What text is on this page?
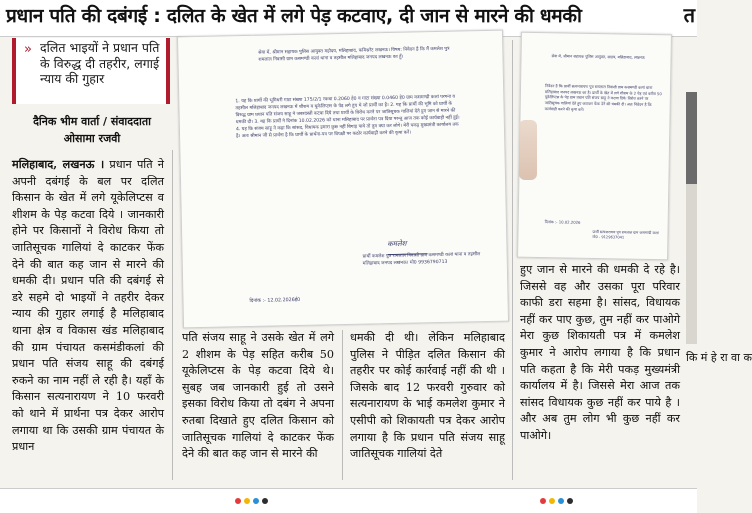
प्रधान पति की दबंगई : दलित के खेत में लगे पेड़ कटवाए, दी जान से मारने की धमकी	त
» दलित भाइयों ने प्रधान पति के विरुद्ध दी तहरीर, लगाई न्याय की गुहार
दैनिक भीम वार्ता / संवाददाता
ओसामा रजवी
मलिहाबाद, लखनऊ । प्रधान पति ने अपनी दबंगई के बल पर दलित किसान के खेत में लगे यूकेलिप्टस व शीशम के पेड़ कटवा दिये । जानकारी होने पर किसानों ने विरोध किया तो जातिसूचक गालियां दे काटकर फेंक देने की बात कह जान से मारने की धमकी दी। प्रधान पति की दबंगई से डरे सहमे दो भाइयों ने तहरीर देकर न्याय की गुहार लगाई है मलिहाबाद थाना क्षेत्र व विकास खंड मलिहाबाद की ग्राम पंचायत कसमंडीकलां की प्रधान पति संजय साहू की दबंगई रुकने का नाम नहीं ले रही है। यहाँ के किसान सत्यनारायण ने 10 फरवरी को थाने में प्रार्थना पत्र देकर आरोप लगाया था कि उसकी ग्राम पंचायत के प्रधान
सेवा में, श्रीमान सहायक पुलिस आयुक्त महोदय, मलिहाबाद, कमिश्नरेट लखनऊ। विषय: निवेदन है कि मैं कमलेश पुत्र रामलाल निवासी ग्राम कसमण्डी कलां थाना व तहसील मलिहाबाद जनपद लखनऊ का हूँ।
1. यह कि प्रार्थी की भूमिधरी गाटा संख्या 175/2/1 रकबा 0.2060 हे0 व गाटा संख्या 0.0460 हे0 ग्राम कसमण्डी कलां परगना व तहसील मलिहाबाद जनपद लखनऊ में शीशम व यूकेलिप्टस के पेड़ लगे हुए थे जो प्रार्थी का है। 2. यह कि प्रार्थी की भूमि को प्रार्थी के विरुद्ध ग्राम प्रधान पति संजय साहू ने जबरदस्ती कटवा दिये तथा प्रार्थी के विरोध करने पर जातिसूचक गालियां देते हुए जान से मारने की धमकी दी। 3. यह कि प्रार्थी ने दिनांक 10.02.2026 को थाना मलिहाबाद पर प्रार्थना पत्र दिया परन्तु आज तक कोई कार्यवाही नहीं हुई। 4. यह कि संजय साहू ने कहा कि सांसद, विधायक हमारा कुछ नहीं बिगाड़ पाये तो तुम क्या कर लोगे। मेरी पकड़ मुख्यमंत्री कार्यालय तक है। अतः श्रीमान जी से प्रार्थना है कि प्रार्थी के प्रार्थना-पत्र पर विपक्षी पर कठोर कार्यवाही करने की कृपा करें।
कमलेश
प्रार्थी कमलेश पुत्र रामलाल निवासी ग्राम कसमण्डी कलां थाना व तहसील मलिहाबाद जनपद लखनऊ। मो0 9936790713
दिनांक :- 12.02.2026ई0
पति संजय साहू ने उसके खेत में लगे 2 शीशम के पेड़ सहित करीब 50 यूकेलिप्टस के पेड़ कटवा दिये थे। सुबह जब जानकारी हुई तो उसने इसका विरोध किया तो दबंग ने अपना रुतबा दिखाते हुए दलित किसान को जातिसूचक गालियां दे काटकर फेंक देने की बात कह जान से मारने की
धमकी दी थी। लेकिन मलिहाबाद पुलिस ने पीड़ित दलित किसान की तहरीर पर कोई कार्रवाई नहीं की थी ।जिसके बाद 12 फरवरी गुरुवार को सत्यनारायण के भाई कमलेश कुमार ने एसीपी को शिकायती पत्र देकर आरोप लगाया है कि प्रधान पति संजय साहू जातिसूचक गालियां देते
सेवा में, श्रीमान सहायक पुलिस आयुक्त, साहब, मलिहाबाद, लखनऊ
निवेदन है कि प्रार्थी सत्यनारायण पुत्र रामलाल निवासी ग्राम कसमण्डी कलां थाना मलिहाबाद जनपद लखनऊ का है। प्रार्थी के खेत में लगे शीशम के 2 पेड़ एवं करीब 50 यूकेलिप्टस के पेड़ ग्राम प्रधान पति संजय साहू ने कटवा दिये। विरोध करने पर जातिसूचक गालियां देते हुए काटकर फेंक देने की धमकी दी। अतः निवेदन है कि कार्यवाही करने की कृपा करें।
दिनांक :- 10.02.2026
प्रार्थी सत्यनारायण पुत्र रामलाल ग्राम कसमण्डी कलां मो0 - 9129637041
हुए जान से मारने की धमकी दे रहे है। जिससे वह और उसका पूरा परिवार काफी डरा सहमा है। सांसद, विधायक नहीं कर पाए कुछ, तुम नहीं कर पाओगे मेरा कुछ शिकायती पत्र में कमलेश कुमार ने आरोप लगाया है कि प्रधान पति कहता है कि मेरी पकड़ मुख्यमंत्री कार्यालय में है। जिससे मेरा आज तक सांसद विधायक कुछ नहीं कर पाये है । और अब तुम लोग भी कुछ नहीं कर पाओगे।
कि मं हे रा वा क
